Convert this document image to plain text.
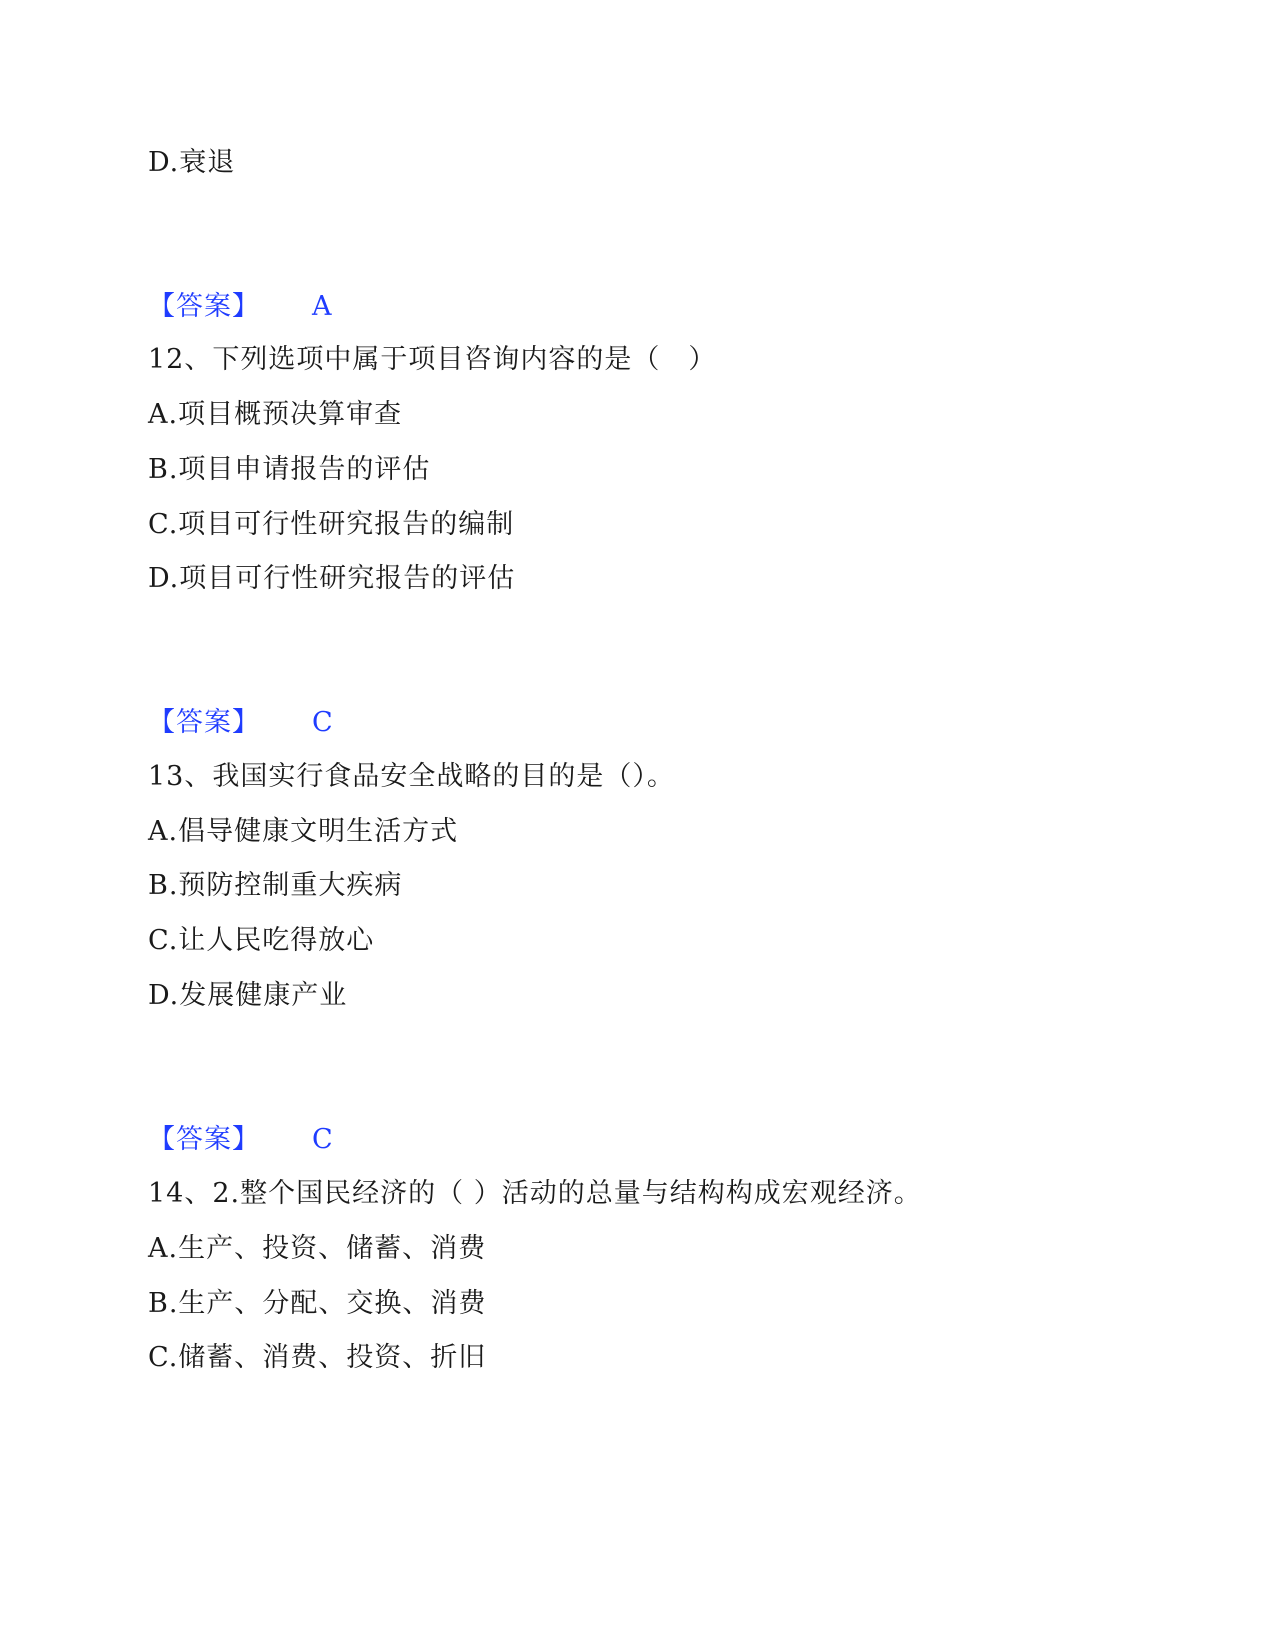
D.衰退
【答案】 A
12、下列选项中属于项目咨询内容的是（　）
A.项目概预决算审查
B.项目申请报告的评估
C.项目可行性研究报告的编制
D.项目可行性研究报告的评估
【答案】 C
13、我国实行食品安全战略的目的是（）。
A.倡导健康文明生活方式
B.预防控制重大疾病
C.让人民吃得放心
D.发展健康产业
【答案】 C
14、2.整个国民经济的（ ）活动的总量与结构构成宏观经济。
A.生产、投资、储蓄、消费
B.生产、分配、交换、消费
C.储蓄、消费、投资、折旧
